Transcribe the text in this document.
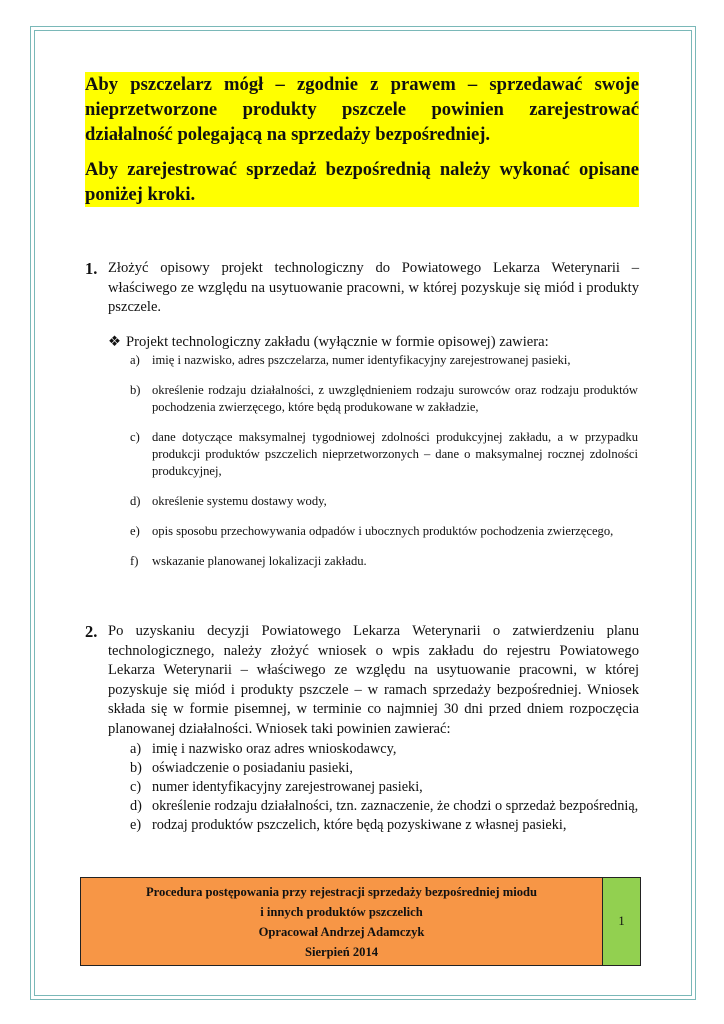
Aby pszczelarz mógł – zgodnie z prawem – sprzedawać swoje nieprzetworzone produkty pszczele powinien zarejestrować działalność polegającą na sprzedaży bezpośredniej.

Aby zarejestrować sprzedaż bezpośrednią należy wykonać opisane poniżej kroki.

1. Złożyć opisowy projekt technologiczny do Powiatowego Lekarza Weterynarii – właściwego ze względu na usytuowanie pracowni, w której pozyskuje się miód i produkty pszczele.
❖ Projekt technologiczny zakładu (wyłącznie w formie opisowej) zawiera:
a) imię i nazwisko, adres pszczelarza, numer identyfikacyjny zarejestrowanej pasieki,
b) określenie rodzaju działalności, z uwzględnieniem rodzaju surowców oraz rodzaju produktów pochodzenia zwierzęcego, które będą produkowane w zakładzie,
c) dane dotyczące maksymalnej tygodniowej zdolności produkcyjnej zakładu, a w przypadku produkcji produktów pszczelich nieprzetworzonych – dane o maksymalnej rocznej zdolności produkcyjnej,
d) określenie systemu dostawy wody,
e) opis sposobu przechowywania odpadów i ubocznych produktów pochodzenia zwierzęcego,
f) wskazanie planowanej lokalizacji zakładu.
2. Po uzyskaniu decyzji Powiatowego Lekarza Weterynarii o zatwierdzeniu planu technologicznego, należy złożyć wniosek o wpis zakładu do rejestru Powiatowego Lekarza Weterynarii – właściwego ze względu na usytuowanie pracowni, w której pozyskuje się miód i produkty pszczele – w ramach sprzedaży bezpośredniej. Wniosek składa się w formie pisemnej, w terminie co najmniej 30 dni przed dniem rozpoczęcia planowanej działalności. Wniosek taki powinien zawierać:
a) imię i nazwisko oraz adres wnioskodawcy,
b) oświadczenie o posiadaniu pasieki,
c) numer identyfikacyjny zarejestrowanej pasieki,
d) określenie rodzaju działalności, tzn. zaznaczenie, że chodzi o sprzedaż bezpośrednią,
e) rodzaj produktów pszczelich, które będą pozyskiwane z własnej pasieki,
Procedura postępowania przy rejestracji sprzedaży bezpośredniej miodu
i innych produktów pszczelich
Opracował Andrzej Adamczyk
Sierpień 2014
1
